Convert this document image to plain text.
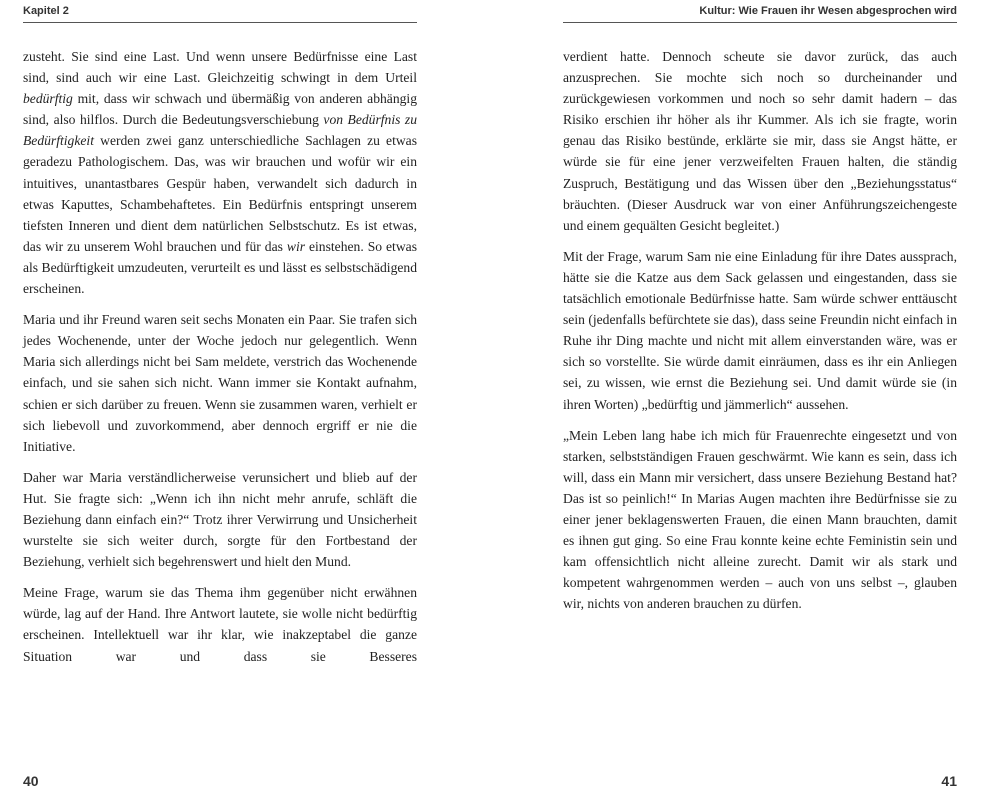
Kapitel 2

zusteht. Sie sind eine Last. Und wenn unsere Bedürfnisse eine Last sind, sind auch wir eine Last. Gleichzeitig schwingt in dem Urteil bedürftig mit, dass wir schwach und übermäßig von anderen abhängig sind, also hilflos. Durch die Bedeutungsverschiebung von Bedürfnis zu Bedürftigkeit werden zwei ganz unterschiedliche Sachlagen zu etwas geradezu Pathologischem. Das, was wir brauchen und wofür wir ein intuitives, unantastbares Gespür haben, verwandelt sich dadurch in etwas Kaputtes, Schambehaftetes. Ein Bedürfnis entspringt unserem tiefsten Inneren und dient dem natürlichen Selbstschutz. Es ist etwas, das wir zu unserem Wohl brauchen und für das wir einstehen. So etwas als Bedürftigkeit umzudeuten, verurteilt es und lässt es selbstschädigend erscheinen.

Maria und ihr Freund waren seit sechs Monaten ein Paar. Sie trafen sich jedes Wochenende, unter der Woche jedoch nur gelegentlich. Wenn Maria sich allerdings nicht bei Sam meldete, verstrich das Wochenende einfach, und sie sahen sich nicht. Wann immer sie Kontakt aufnahm, schien er sich darüber zu freuen. Wenn sie zusammen waren, verhielt er sich liebevoll und zuvorkommend, aber dennoch ergriff er nie die Initiative.

Daher war Maria verständlicherweise verunsichert und blieb auf der Hut. Sie fragte sich: „Wenn ich ihn nicht mehr anrufe, schläft die Beziehung dann einfach ein?“ Trotz ihrer Verwirrung und Unsicherheit wurstelte sie sich weiter durch, sorgte für den Fortbestand der Beziehung, verhielt sich begehrenswert und hielt den Mund.

Meine Frage, warum sie das Thema ihm gegenüber nicht erwähnen würde, lag auf der Hand. Ihre Antwort lautete, sie wolle nicht bedürftig erscheinen. Intellektuell war ihr klar, wie inakzeptabel die ganze Situation war und dass sie Besseres

40
Kultur: Wie Frauen ihr Wesen abgesprochen wird

verdient hatte. Dennoch scheute sie davor zurück, das auch anzusprechen. Sie mochte sich noch so durcheinander und zurückgewiesen vorkommen und noch so sehr damit hadern – das Risiko erschien ihr höher als ihr Kummer. Als ich sie fragte, worin genau das Risiko bestünde, erklärte sie mir, dass sie Angst hätte, er würde sie für eine jener verzweifelten Frauen halten, die ständig Zuspruch, Bestätigung und das Wissen über den „Beziehungsstatus“ bräuchten. (Dieser Ausdruck war von einer Anführungszeichengeste und einem gequälten Gesicht begleitet.)

Mit der Frage, warum Sam nie eine Einladung für ihre Dates aussprach, hätte sie die Katze aus dem Sack gelassen und eingestanden, dass sie tatsächlich emotionale Bedürfnisse hatte. Sam würde schwer enttäuscht sein (jedenfalls befürchtete sie das), dass seine Freundin nicht einfach in Ruhe ihr Ding machte und nicht mit allem einverstanden wäre, was er sich so vorstellte. Sie würde damit einräumen, dass es ihr ein Anliegen sei, zu wissen, wie ernst die Beziehung sei. Und damit würde sie (in ihren Worten) „bedürftig und jämmerlich“ aussehen.

„Mein Leben lang habe ich mich für Frauenrechte eingesetzt und von starken, selbstständigen Frauen geschwärmt. Wie kann es sein, dass ich will, dass ein Mann mir versichert, dass unsere Beziehung Bestand hat? Das ist so peinlich!“ In Marias Augen machten ihre Bedürfnisse sie zu einer jener beklagenswerten Frauen, die einen Mann brauchten, damit es ihnen gut ging. So eine Frau konnte keine echte Feministin sein und kam offensichtlich nicht alleine zurecht. Damit wir als stark und kompetent wahrgenommen werden – auch von uns selbst –, glauben wir, nichts von anderen brauchen zu dürfen.

41
